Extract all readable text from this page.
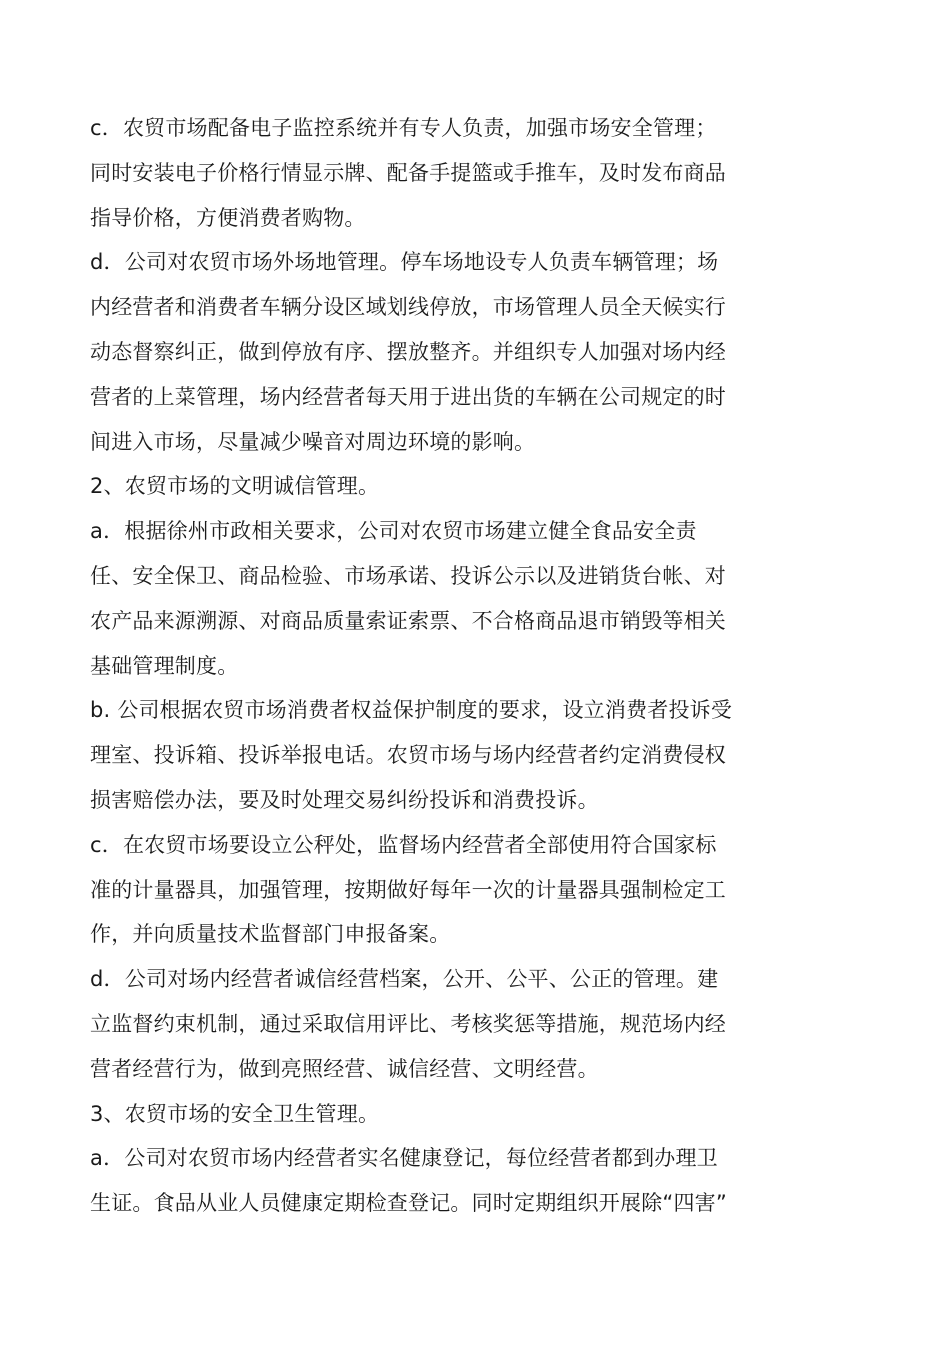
c．农贸市场配备电子监控系统并有专人负责，加强市场安全管理；
同时安装电子价格行情显示牌、配备手提篮或手推车，及时发布商品
指导价格，方便消费者购物。
d．公司对农贸市场外场地管理。停车场地设专人负责车辆管理；场
内经营者和消费者车辆分设区域划线停放，市场管理人员全天候实行
动态督察纠正，做到停放有序、摆放整齐。并组织专人加强对场内经
营者的上菜管理，场内经营者每天用于进出货的车辆在公司规定的时
间进入市场，尽量减少噪音对周边环境的影响。
2、农贸市场的文明诚信管理。
a．根据徐州市政相关要求，公司对农贸市场建立健全食品安全责
任、安全保卫、商品检验、市场承诺、投诉公示以及进销货台帐、对
农产品来源溯源、对商品质量索证索票、不合格商品退市销毁等相关
基础管理制度。
b. 公司根据农贸市场消费者权益保护制度的要求，设立消费者投诉受
理室、投诉箱、投诉举报电话。农贸市场与场内经营者约定消费侵权
损害赔偿办法，要及时处理交易纠纷投诉和消费投诉。
c．在农贸市场要设立公秤处，监督场内经营者全部使用符合国家标
准的计量器具，加强管理，按期做好每年一次的计量器具强制检定工
作，并向质量技术监督部门申报备案。
d．公司对场内经营者诚信经营档案，公开、公平、公正的管理。建
立监督约束机制，通过采取信用评比、考核奖惩等措施，规范场内经
营者经营行为，做到亮照经营、诚信经营、文明经营。
3、农贸市场的安全卫生管理。
a．公司对农贸市场内经营者实名健康登记，每位经营者都到办理卫
生证。食品从业人员健康定期检查登记。同时定期组织开展除“四害”
